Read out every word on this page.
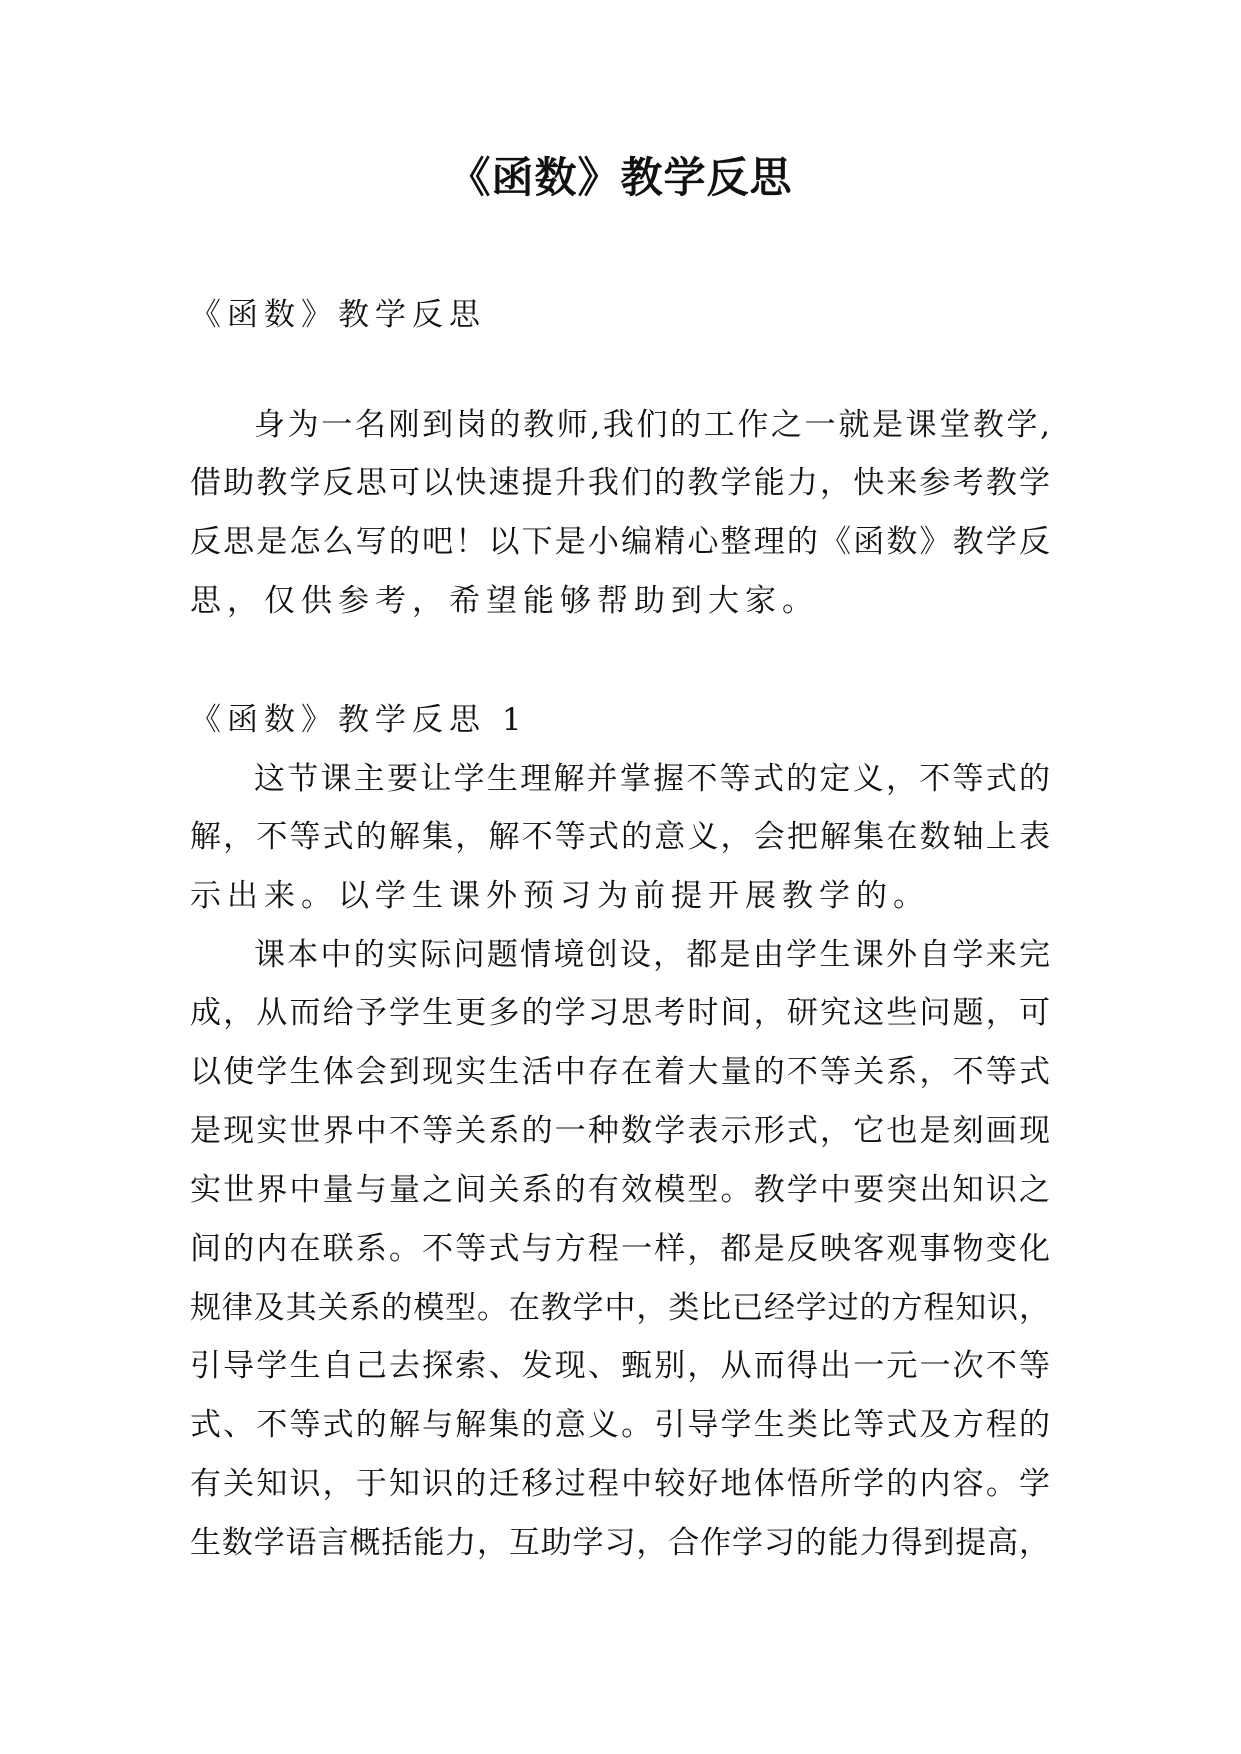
《函数》教学反思

《函数》教学反思

身为一名刚到岗的教师,我们的工作之一就是课堂教学,

借助教学反思可以快速提升我们的教学能力，快来参考教学

反思是怎么写的吧！以下是小编精心整理的《函数》教学反

思，仅供参考，希望能够帮助到大家。

《函数》教学反思 1

这节课主要让学生理解并掌握不等式的定义，不等式的

解，不等式的解集，解不等式的意义，会把解集在数轴上表

示出来。以学生课外预习为前提开展教学的。

课本中的实际问题情境创设，都是由学生课外自学来完

成，从而给予学生更多的学习思考时间，研究这些问题，可

以使学生体会到现实生活中存在着大量的不等关系，不等式

是现实世界中不等关系的一种数学表示形式，它也是刻画现

实世界中量与量之间关系的有效模型。教学中要突出知识之

间的内在联系。不等式与方程一样，都是反映客观事物变化

规律及其关系的模型。在教学中，类比已经学过的方程知识，

引导学生自己去探索、发现、甄别，从而得出一元一次不等

式、不等式的解与解集的意义。引导学生类比等式及方程的

有关知识，于知识的迁移过程中较好地体悟所学的内容。学

生数学语言概括能力，互助学习，合作学习的能力得到提高，
